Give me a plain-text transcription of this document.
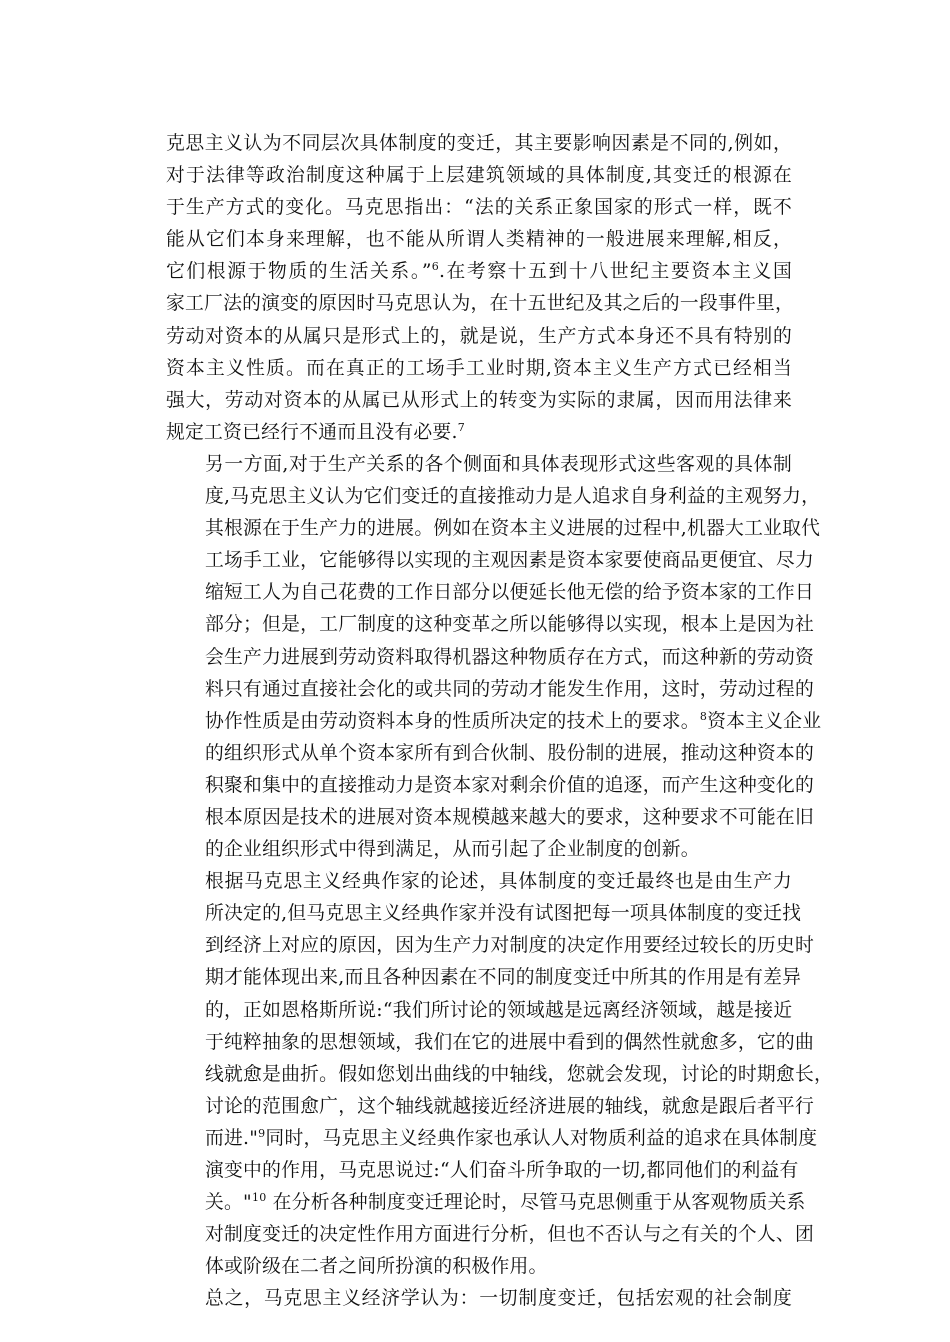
克思主义认为不同层次具体制度的变迁，其主要影响因素是不同的,例如，
对于法律等政治制度这种属于上层建筑领域的具体制度,其变迁的根源在
于生产方式的变化。马克思指出：“法的关系正象国家的形式一样，既不
能从它们本身来理解，也不能从所谓人类精神的一般进展来理解,相反，
它们根源于物质的生活关系。”$^6$.在考察十五到十八世纪主要资本主义国
家工厂法的演变的原因时马克思认为，在十五世纪及其之后的一段事件里，
劳动对资本的从属只是形式上的，就是说，生产方式本身还不具有特别的
资本主义性质。而在真正的工场手工业时期,资本主义生产方式已经相当
强大，劳动对资本的从属已从形式上的转变为实际的隶属，因而用法律来
规定工资已经行不通而且没有必要.$^7$

另一方面,对于生产关系的各个侧面和具体表现形式这些客观的具体制
度,马克思主义认为它们变迁的直接推动力是人追求自身利益的主观努力，
其根源在于生产力的进展。例如在资本主义进展的过程中,机器大工业取代
工场手工业，它能够得以实现的主观因素是资本家要使商品更便宜、尽力
缩短工人为自己花费的工作日部分以便延长他无偿的给予资本家的工作日
部分；但是，工厂制度的这种变革之所以能够得以实现，根本上是因为社
会生产力进展到劳动资料取得机器这种物质存在方式，而这种新的劳动资
料只有通过直接社会化的或共同的劳动才能发生作用，这时，劳动过程的
协作性质是由劳动资料本身的性质所决定的技术上的要求。$^8$资本主义企业
的组织形式从单个资本家所有到合伙制、股份制的进展，推动这种资本的
积聚和集中的直接推动力是资本家对剩余价值的追逐，而产生这种变化的
根本原因是技术的进展对资本规模越来越大的要求，这种要求不可能在旧
的企业组织形式中得到满足，从而引起了企业制度的创新。

根据马克思主义经典作家的论述，具体制度的变迁最终也是由生产力
所决定的,但马克思主义经典作家并没有试图把每一项具体制度的变迁找
到经济上对应的原因，因为生产力对制度的决定作用要经过较长的历史时
期才能体现出来,而且各种因素在不同的制度变迁中所其的作用是有差异
的，正如恩格斯所说:“我们所讨论的领域越是远离经济领域，越是接近
于纯粹抽象的思想领域，我们在它的进展中看到的偶然性就愈多，它的曲
线就愈是曲折。假如您划出曲线的中轴线，您就会发现，讨论的时期愈长，
讨论的范围愈广，这个轴线就越接近经济进展的轴线，就愈是跟后者平行
而进."$^9$同时，马克思主义经典作家也承认人对物质利益的追求在具体制度
演变中的作用，马克思说过:“人们奋斗所争取的一切,都同他们的利益有
关。"$^{10}$ 在分析各种制度变迁理论时，尽管马克思侧重于从客观物质关系
对制度变迁的决定性作用方面进行分析，但也不否认与之有关的个人、团
体或阶级在二者之间所扮演的积极作用。

总之，马克思主义经济学认为：一切制度变迁，包括宏观的社会制度
